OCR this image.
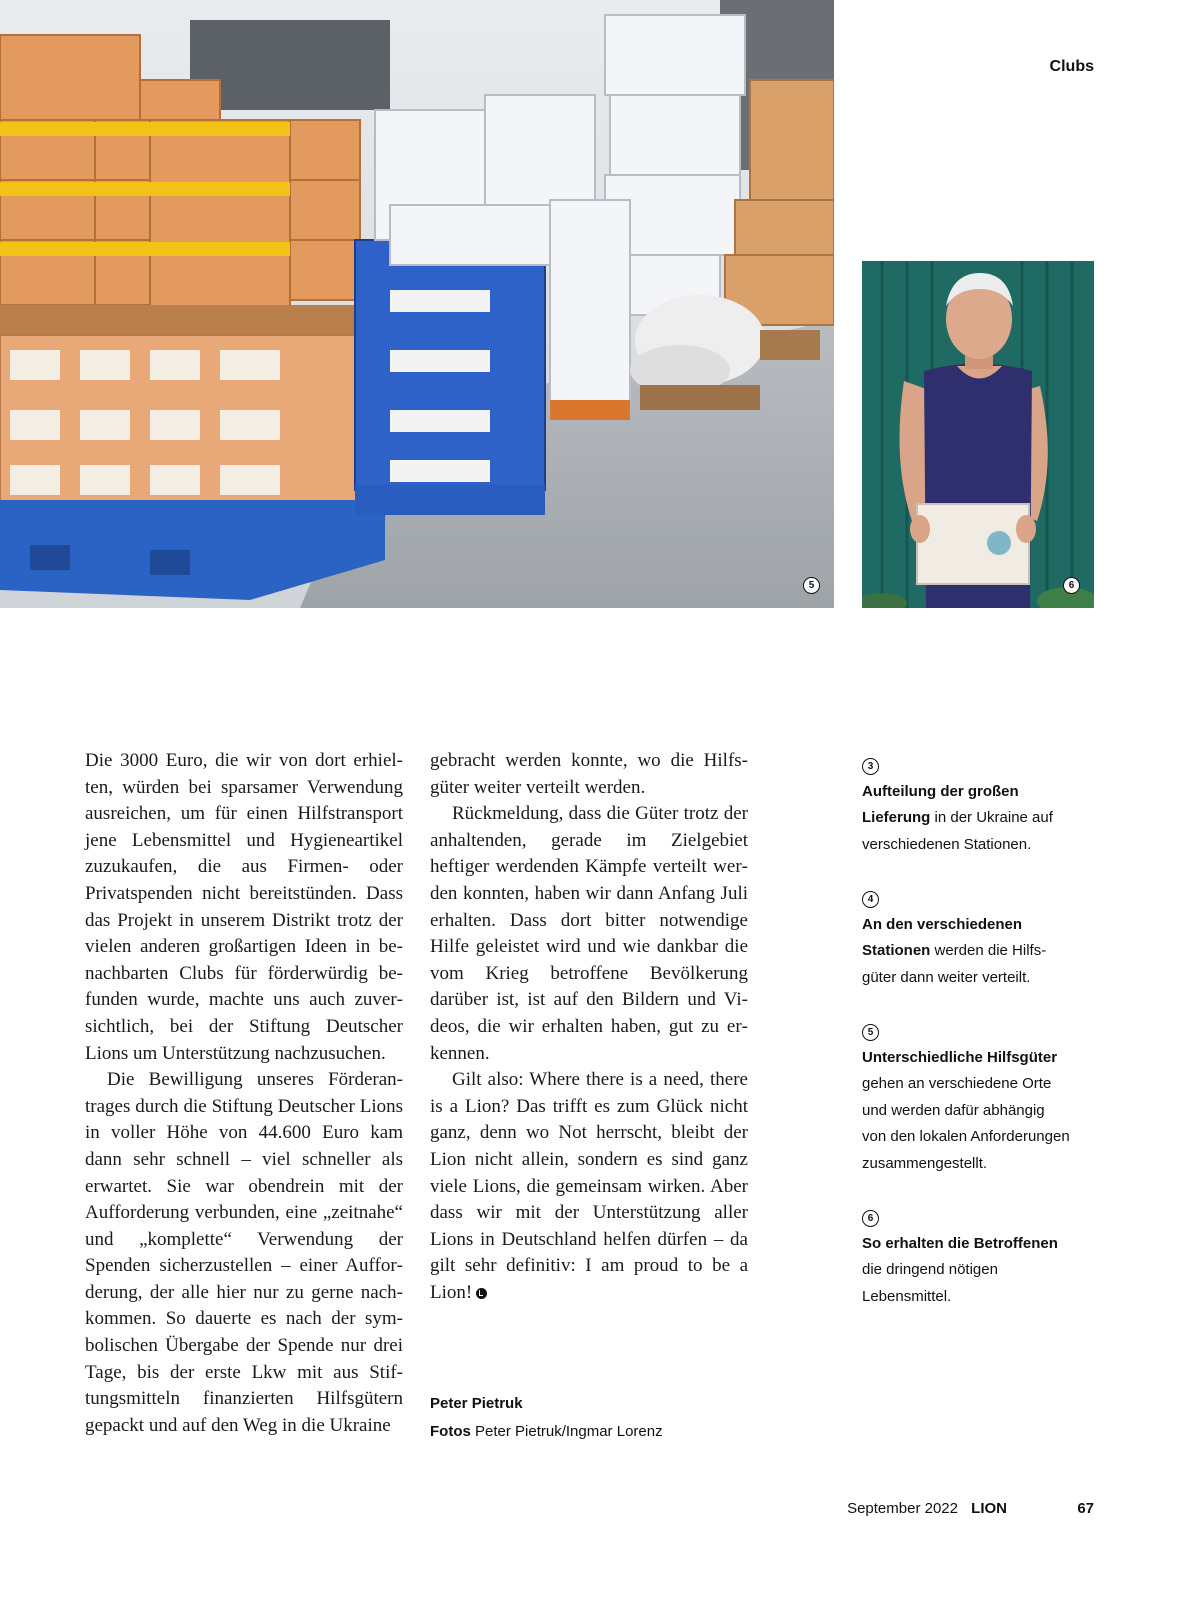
Clubs
5	6

Die 3000 Euro, die wir von dort erhielten, würden bei sparsamer Verwendung ausreichen, um für einen Hilfstransport jene Lebensmittel und Hygieneartikel zuzukaufen, die aus Firmen- oder Privatspenden nicht bereitstünden. Dass das Projekt in unserem Distrikt trotz der vielen anderen großartigen Ideen in benachbarten Clubs für förderwürdig befunden wurde, machte uns auch zuversichtlich, bei der Stiftung Deutscher Lions um Unterstützung nachzusuchen.

Die Bewilligung unseres Förderantrages durch die Stiftung Deutscher Lions in voller Höhe von 44.600 Euro kam dann sehr schnell – viel schneller als erwartet. Sie war obendrein mit der Aufforderung verbunden, eine „zeitnahe“ und „komplette“ Verwendung der Spenden sicherzustellen – einer Aufforderung, der alle hier nur zu gerne nachkommen. So dauerte es nach der symbolischen Übergabe der Spende nur drei Tage, bis der erste Lkw mit aus Stiftungsmitteln finanzierten Hilfsgütern gepackt und auf den Weg in die Ukraine

gebracht werden konnte, wo die Hilfsgüter weiter verteilt werden.

Rückmeldung, dass die Güter trotz der anhaltenden, gerade im Zielgebiet heftiger werdenden Kämpfe verteilt werden konnten, haben wir dann Anfang Juli erhalten. Dass dort bitter notwendige Hilfe geleistet wird und wie dankbar die vom Krieg betroffene Bevölkerung darüber ist, ist auf den Bildern und Videos, die wir erhalten haben, gut zu erkennen.

Gilt also: Where there is a need, there is a Lion? Das trifft es zum Glück nicht ganz, denn wo Not herrscht, bleibt der Lion nicht allein, sondern es sind ganz viele Lions, die gemeinsam wirken. Aber dass wir mit der Unterstützung aller Lions in Deutschland helfen dürfen – da gilt sehr definitiv: I am proud to be a Lion!

Peter Pietruk
Fotos Peter Pietruk/Ingmar Lorenz
3
Aufteilung der großen
Lieferung in der Ukraine auf
verschiedenen Stationen.
4
An den verschiedenen
Stationen werden die Hilfs-
güter dann weiter verteilt.
5
Unterschiedliche Hilfsgüter
gehen an verschiedene Orte
und werden dafür abhängig
von den lokalen Anforderungen
zusammengestellt.
6
So erhalten die Betroffenen
die dringend nötigen
Lebensmittel.
September 2022 LION	67
